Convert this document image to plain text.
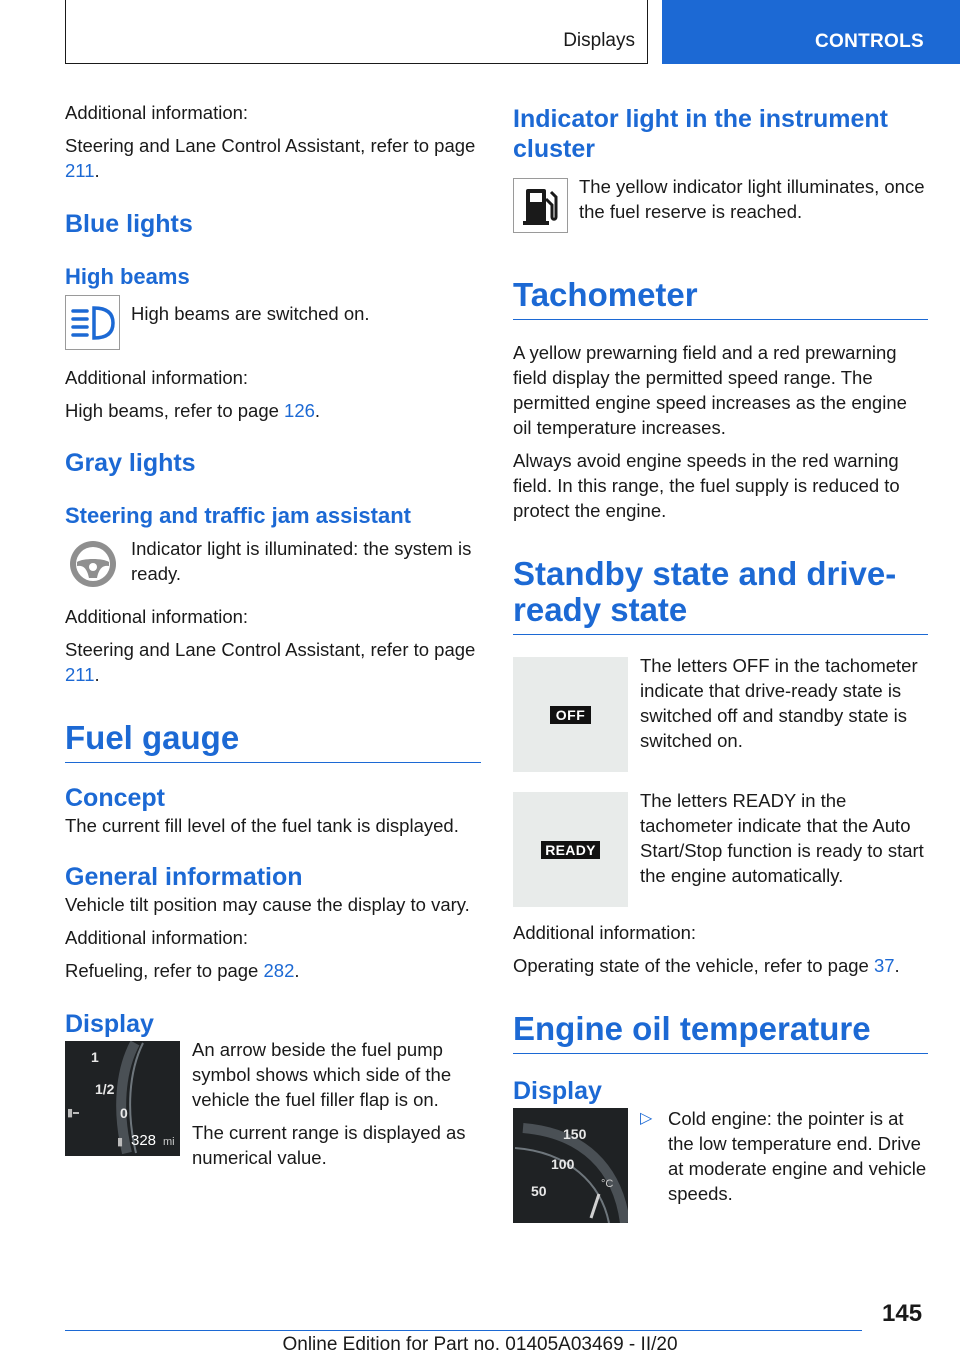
Displays	CONTROLS

Additional information:

Steering and Lane Control Assistant, refer to page 211.

Blue lights
High beams

High beams are switched on.

Additional information:

High beams, refer to page 126.

Gray lights
Steering and traffic jam assistant

Indicator light is illuminated: the system is ready.

Additional information:

Steering and Lane Control Assistant, refer to page 211.

Fuel gauge
Concept

The current fill level of the fuel tank is displayed.

General information

Vehicle tilt position may cause the display to vary.

Additional information:

Refueling, refer to page 282.

Display
1
1/2
0
▮
▮ 328 mi

An arrow beside the fuel pump symbol shows which side of the vehicle the fuel filler flap is on.

The current range is displayed as numerical value.

Indicator light in the instrument cluster

The yellow indicator light illuminates, once the fuel reserve is reached.

Tachometer

A yellow prewarning field and a red prewarning field display the permitted speed range. The permitted engine speed increases as the engine oil temperature increases.

Always avoid engine speeds in the red warning field. In this range, the fuel supply is reduced to protect the engine.

Standby state and drive-ready state
OFF

The letters OFF in the tachometer indicate that drive-ready state is switched off and standby state is switched on.

READY

The letters READY in the tachometer indicate that the Auto Start/Stop function is ready to start the engine automatically.

Additional information:

Operating state of the vehicle, refer to page 37.

Engine oil temperature
Display
150
100
50	°C
▷ Cold engine: the pointer is at the low temperature end. Drive at moderate engine and vehicle speeds.

145
Online Edition for Part no. 01405A03469 - II/20
